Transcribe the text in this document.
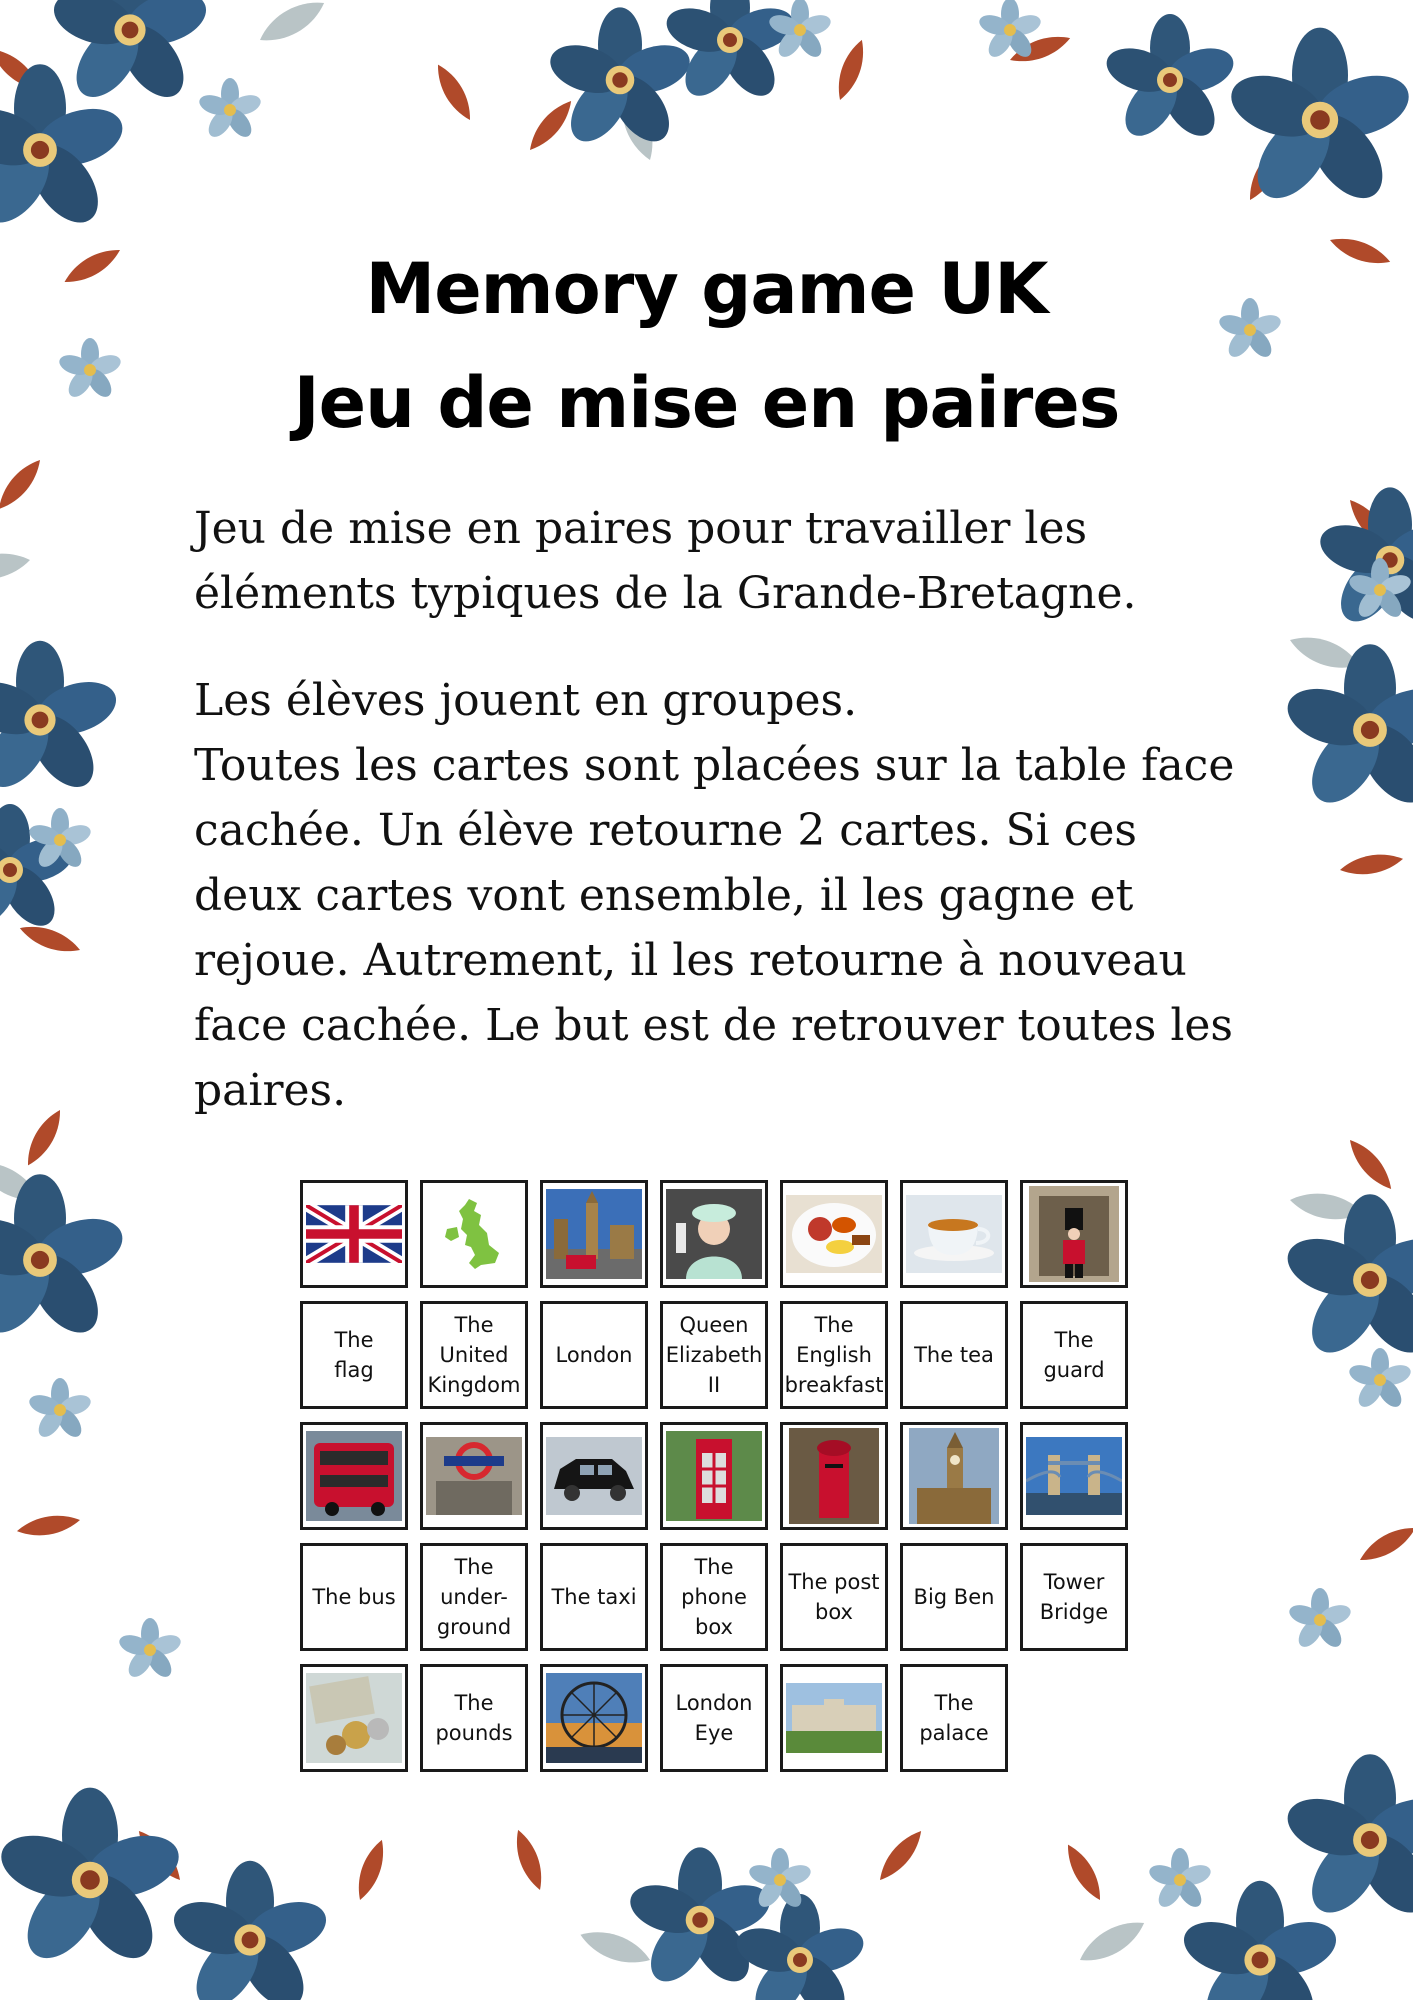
Memory game UK
Jeu de mise en paires

Jeu de mise en paires pour travailler les éléments typiques de la Grande-Bretagne.

Les élèves jouent en groupes.
Toutes les cartes sont placées sur la table face cachée. Un élève retourne 2 cartes. Si ces deux cartes vont ensemble, il les gagne et rejoue. Autrement, il les retourne à nouveau face cachée. Le but est de retrouver toutes les paires.
The
flag
The
United
Kingdom
London
Queen
Elizabeth
II
The
English
breakfast
The tea
The
guard
The bus
The
under-
ground
The taxi
The
phone
box
The post
box
Big Ben
Tower
Bridge
The
pounds
London
Eye
The
palace
